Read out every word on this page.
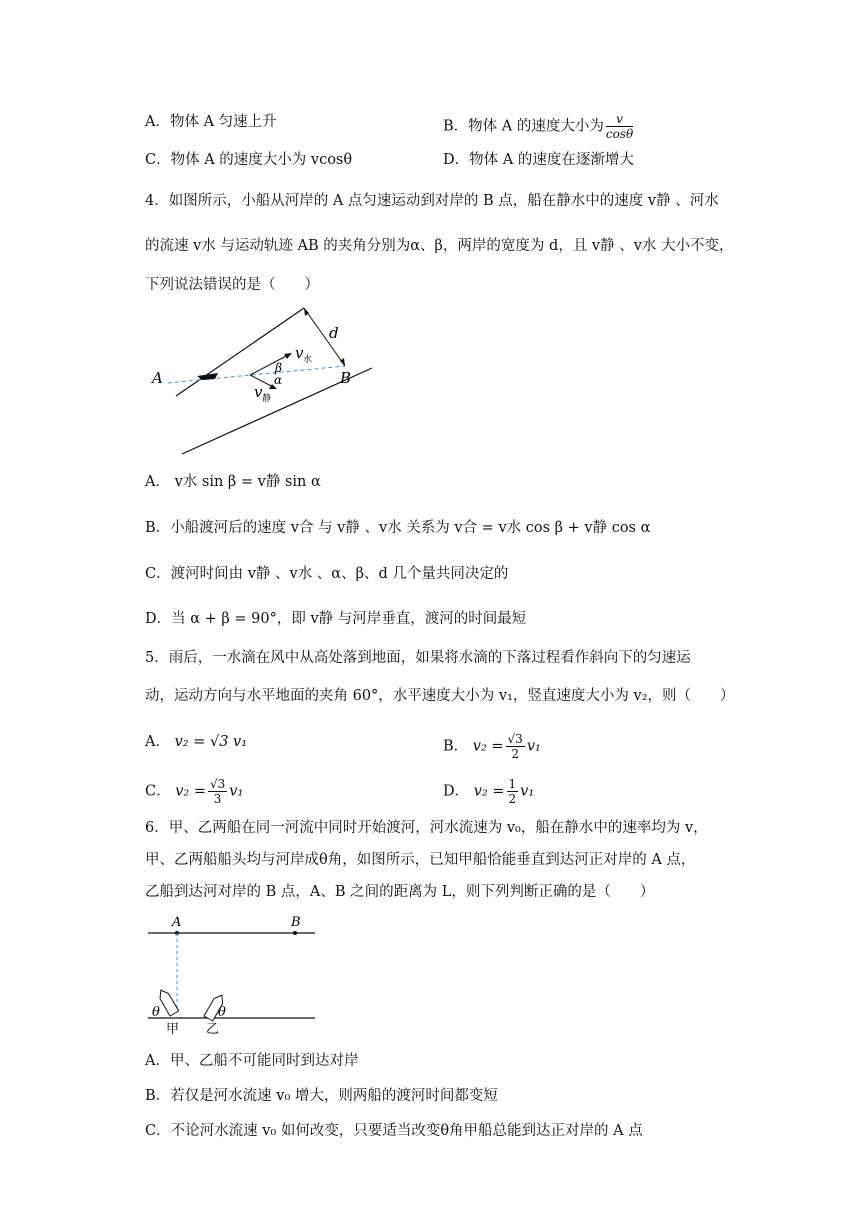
A．物体 A 匀速上升	B．物体 A 的速度大小为 $\frac{v}{\cos\theta}$
C．物体 A 的速度大小为 vcosθ	D．物体 A 的速度在逐渐增大
4．如图所示，小船从河岸的 A 点匀速运动到对岸的 B 点，船在静水中的速度 v静 、河水
的流速 v水 与运动轨迹 AB 的夹角分别为α、β，两岸的宽度为 d，且 v静 、v水 大小不变，
下列说法错误的是（　　）
A	B
d
v 水
v 静
β
α
A． v水 sin β = v静 sin α
B．小船渡河后的速度 v合 与 v静 、v水 关系为 v合 = v水 cos β + v静 cos α
C．渡河时间由 v静 、v水 、α、β、d 几个量共同决定的
D．当 α + β = 90°，即 v静 与河岸垂直，渡河的时间最短
5．雨后，一水滴在风中从高处落到地面，如果将水滴的下落过程看作斜向下的匀速运
动，运动方向与水平地面的夹角 60°，水平速度大小为 v₁，竖直速度大小为 v₂，则（　　）
A． v₂ = √3 v₁	B． $v_2 = \frac{√3}{2} v_1$
C． $v_2 = \frac{√3}{3} v_1$	D． $v_2 = \frac{1}{2} v_1$
6．甲、乙两船在同一河流中同时开始渡河，河水流速为 v₀，船在静水中的速率均为 v，
甲、乙两船船头均与河岸成θ角，如图所示，已知甲船恰能垂直到达河正对岸的 A 点，
乙船到达河对岸的 B 点，A、B 之间的距离为 L，则下列判断正确的是（　　）
A	B
θ	θ
甲 乙
A．甲、乙船不可能同时到达对岸
B．若仅是河水流速 v₀ 增大，则两船的渡河时间都变短
C．不论河水流速 v₀ 如何改变，只要适当改变θ角甲船总能到达正对岸的 A 点
